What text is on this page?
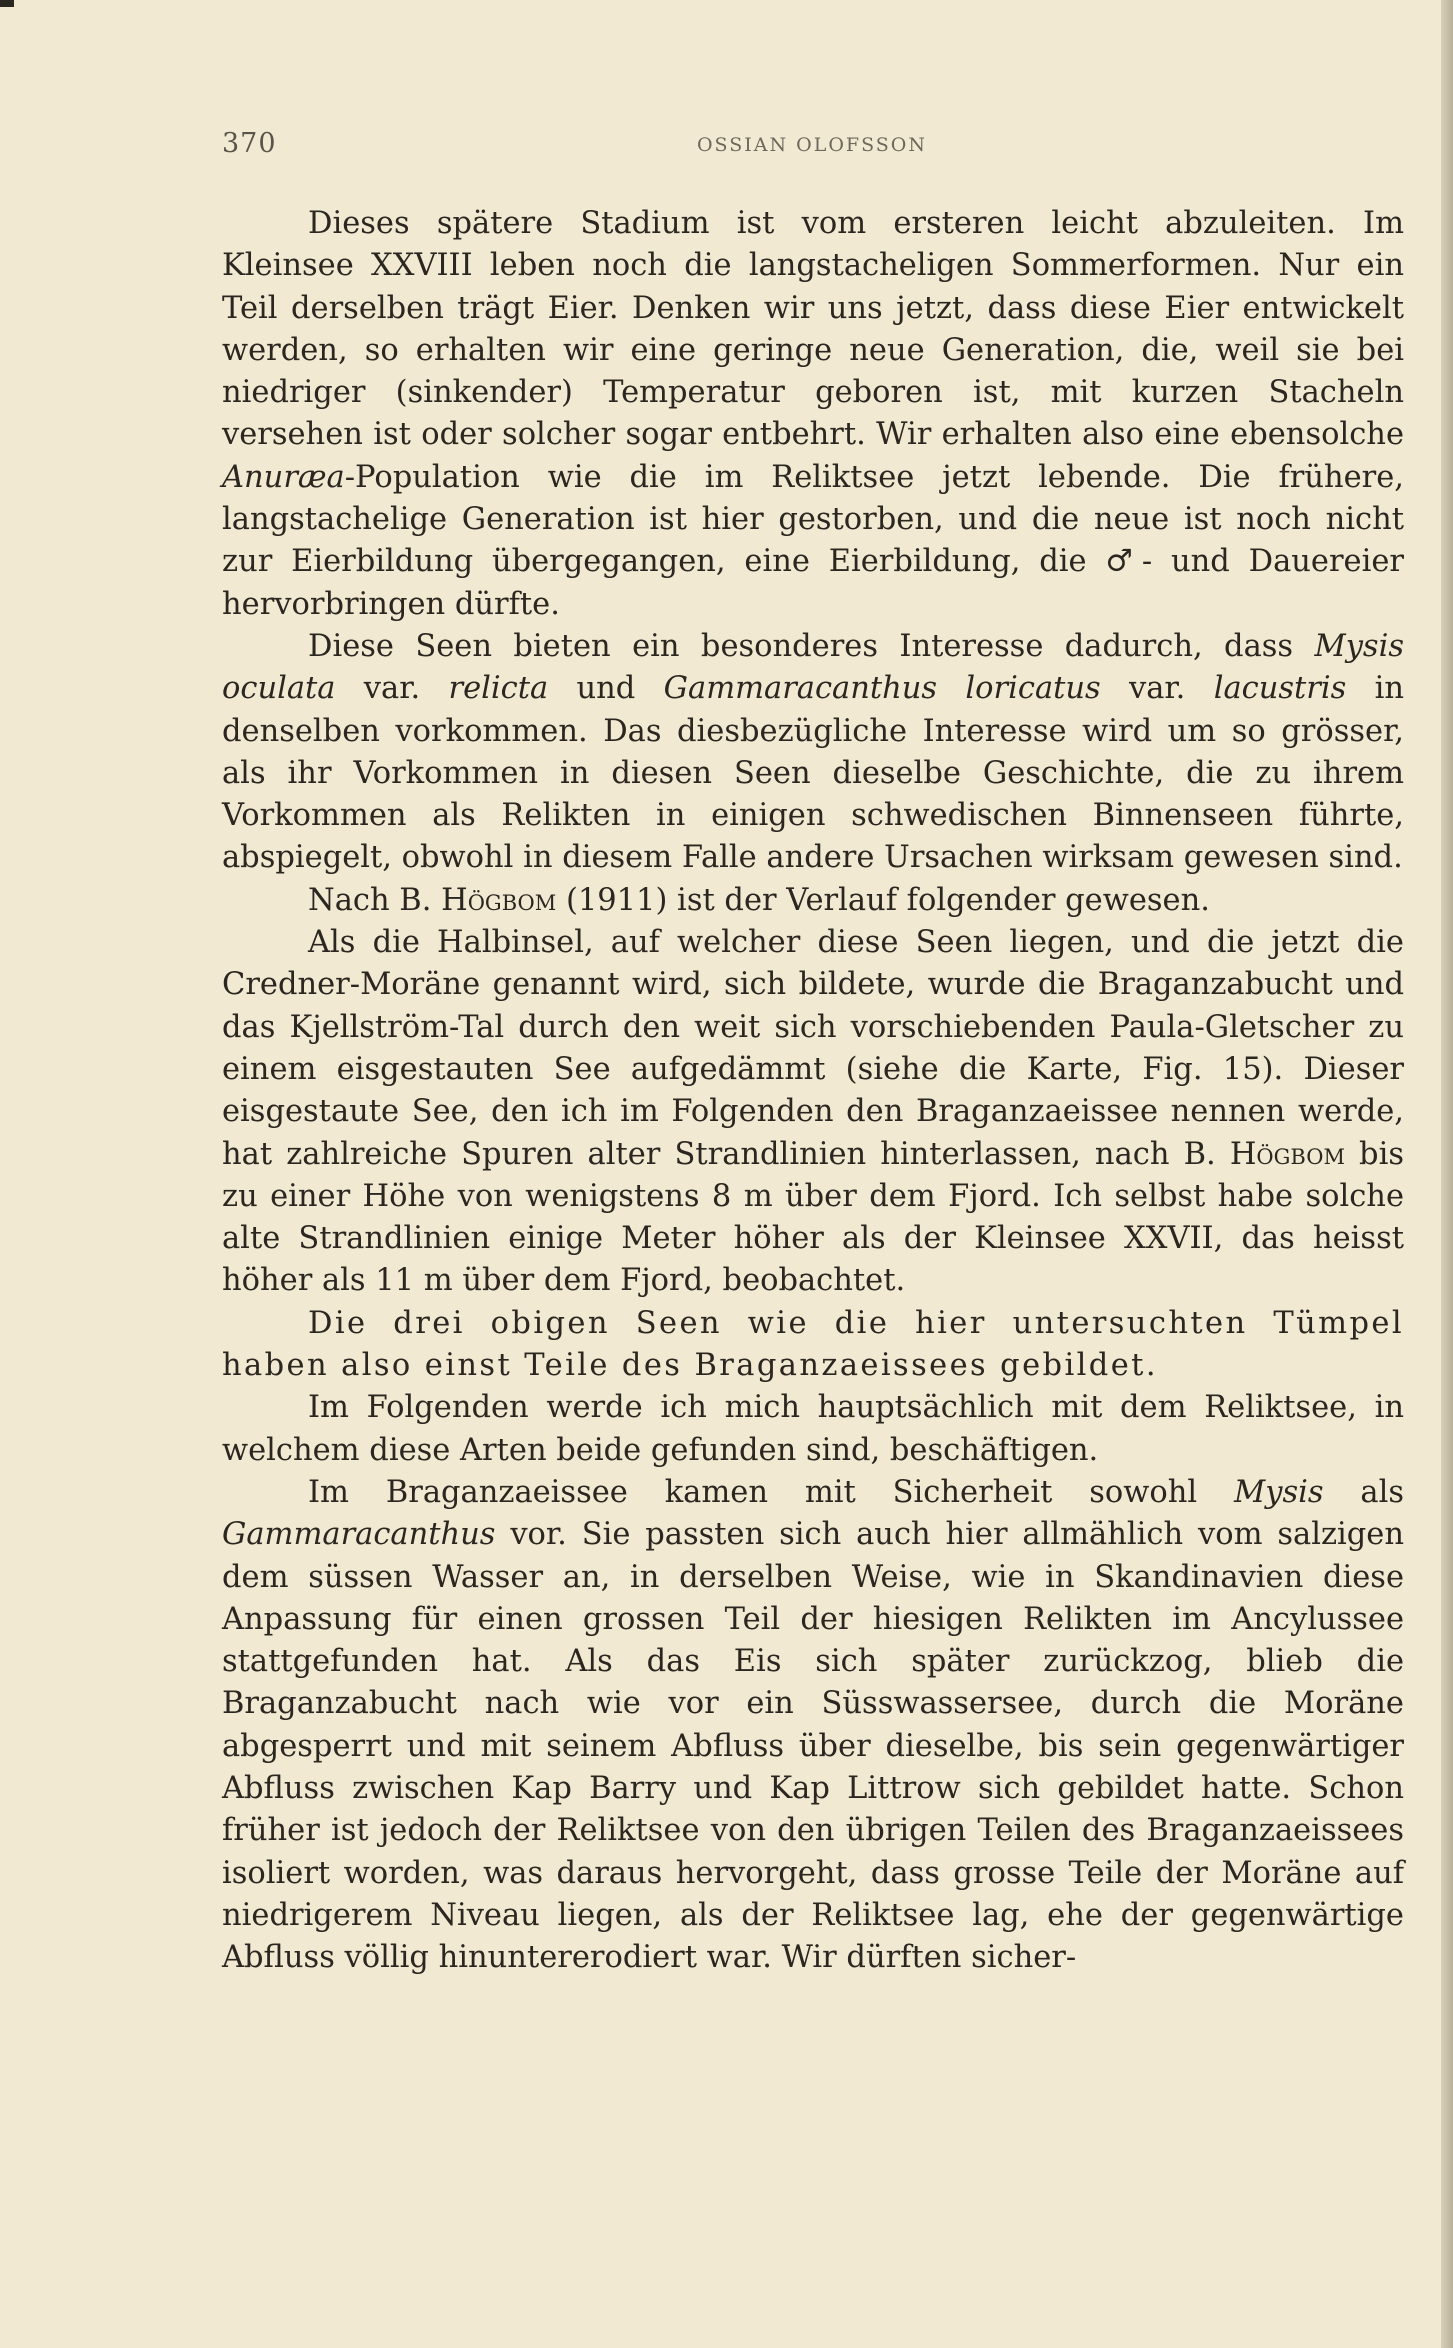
370	OSSIAN OLOFSSON

Dieses spätere Stadium ist vom ersteren leicht abzuleiten. Im Kleinsee XXVIII leben noch die langstacheligen Sommerformen. Nur ein Teil derselben trägt Eier. Denken wir uns jetzt, dass diese Eier entwickelt werden, so erhalten wir eine geringe neue Generation, die, weil sie bei niedriger (sinkender) Temperatur geboren ist, mit kurzen Stacheln versehen ist oder solcher sogar entbehrt. Wir erhalten also eine ebensolche Anuræa-Population wie die im Reliktsee jetzt lebende. Die frühere, langstachelige Generation ist hier gestorben, und die neue ist noch nicht zur Eierbildung übergegangen, eine Eierbildung, die ♂- und Dauereier hervorbringen dürfte.

Diese Seen bieten ein besonderes Interesse dadurch, dass Mysis oculata var. relicta und Gammaracanthus loricatus var. lacustris in denselben vorkommen. Das diesbezügliche Interesse wird um so grösser, als ihr Vorkommen in diesen Seen dieselbe Geschichte, die zu ihrem Vorkommen als Relikten in einigen schwedischen Binnenseen führte, abspiegelt, obwohl in diesem Falle andere Ursachen wirksam gewesen sind.

Nach B. Högbom (1911) ist der Verlauf folgender gewesen.

Als die Halbinsel, auf welcher diese Seen liegen, und die jetzt die Credner-Moräne genannt wird, sich bildete, wurde die Braganzabucht und das Kjellström-Tal durch den weit sich vorschiebenden Paula-Gletscher zu einem eisgestauten See aufgedämmt (siehe die Karte, Fig. 15). Dieser eisgestaute See, den ich im Folgenden den Braganzaeissee nennen werde, hat zahlreiche Spuren alter Strandlinien hinterlassen, nach B. Högbom bis zu einer Höhe von wenigstens 8 m über dem Fjord. Ich selbst habe solche alte Strandlinien einige Meter höher als der Kleinsee XXVII, das heisst höher als 11 m über dem Fjord, beobachtet.

Die drei obigen Seen wie die hier untersuchten Tümpel haben also einst Teile des Braganzaeissees gebildet.

Im Folgenden werde ich mich hauptsächlich mit dem Reliktsee, in welchem diese Arten beide gefunden sind, beschäftigen.

Im Braganzaeissee kamen mit Sicherheit sowohl Mysis als Gammaracanthus vor. Sie passten sich auch hier allmählich vom salzigen dem süssen Wasser an, in derselben Weise, wie in Skandinavien diese Anpassung für einen grossen Teil der hiesigen Relikten im Ancylussee stattgefunden hat. Als das Eis sich später zurückzog, blieb die Braganzabucht nach wie vor ein Süsswassersee, durch die Moräne abgesperrt und mit seinem Abfluss über dieselbe, bis sein gegenwärtiger Abfluss zwischen Kap Barry und Kap Littrow sich gebildet hatte. Schon früher ist jedoch der Reliktsee von den übrigen Teilen des Braganzaeissees isoliert worden, was daraus hervorgeht, dass grosse Teile der Moräne auf niedrigerem Niveau liegen, als der Reliktsee lag, ehe der gegenwärtige Abfluss völlig hinuntererodiert war. Wir dürften sicher-
